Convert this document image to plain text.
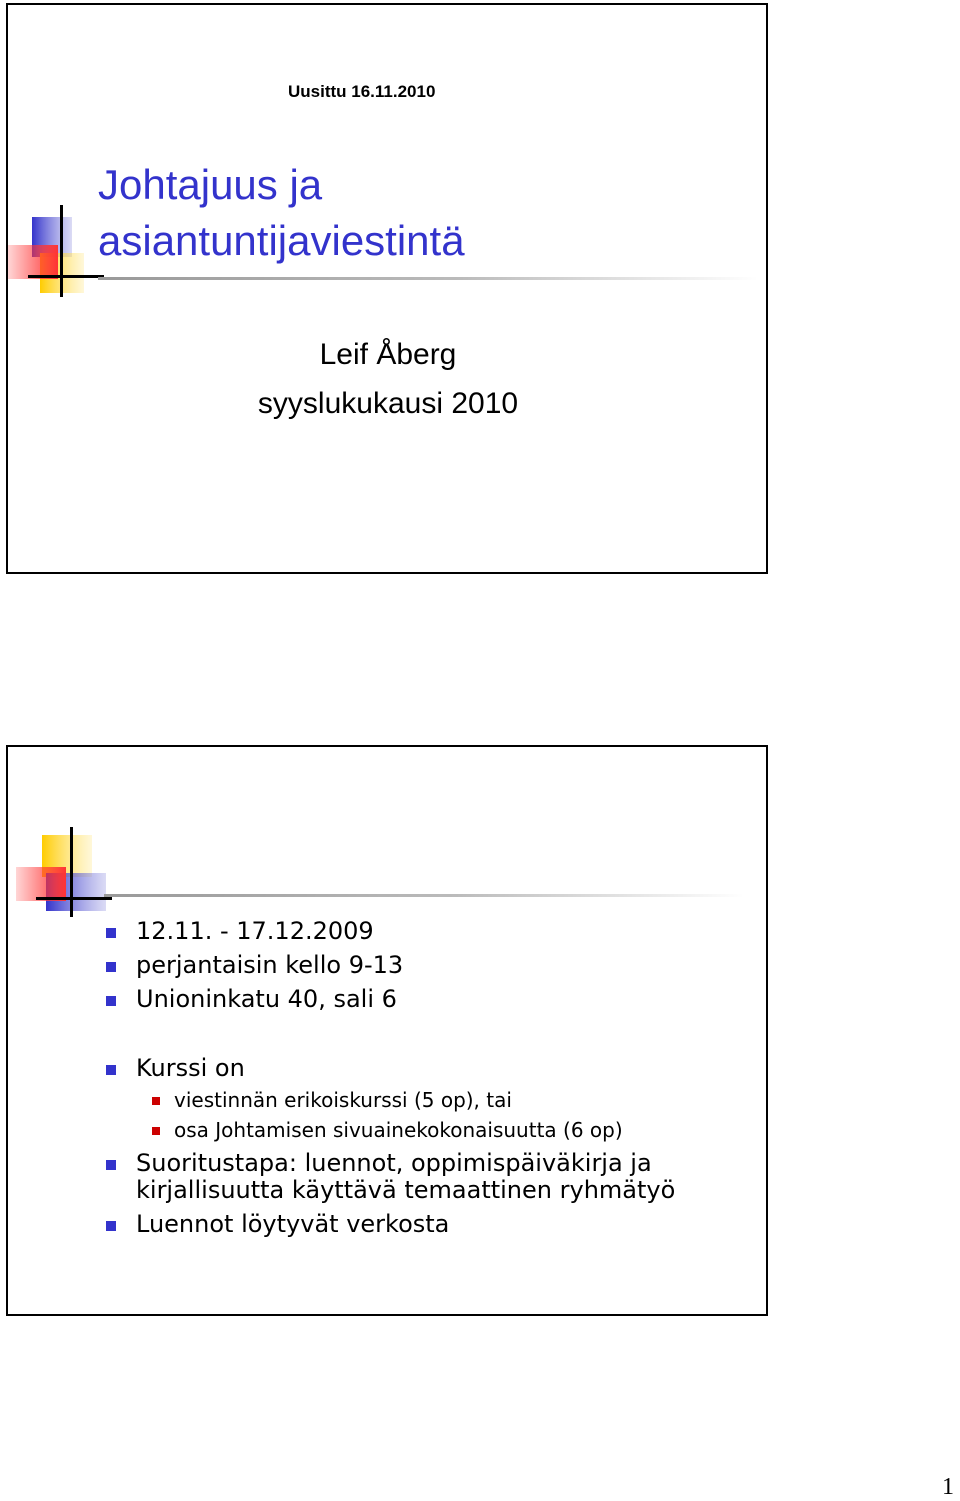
Uusittu 16.11.2010
Johtajuus ja
asiantuntijaviestintä
Leif Åberg
syyslukukausi 2010
12.11. - 17.12.2009
perjantaisin kello 9-13
Unioninkatu 40, sali 6
Kurssi on
viestinnän erikoiskurssi (5 op), tai
osa Johtamisen sivuainekokonaisuutta (6 op)
Suoritustapa: luennot, oppimispäiväkirja ja
kirjallisuutta käyttävä temaattinen ryhmätyö
Luennot löytyvät verkosta
1
